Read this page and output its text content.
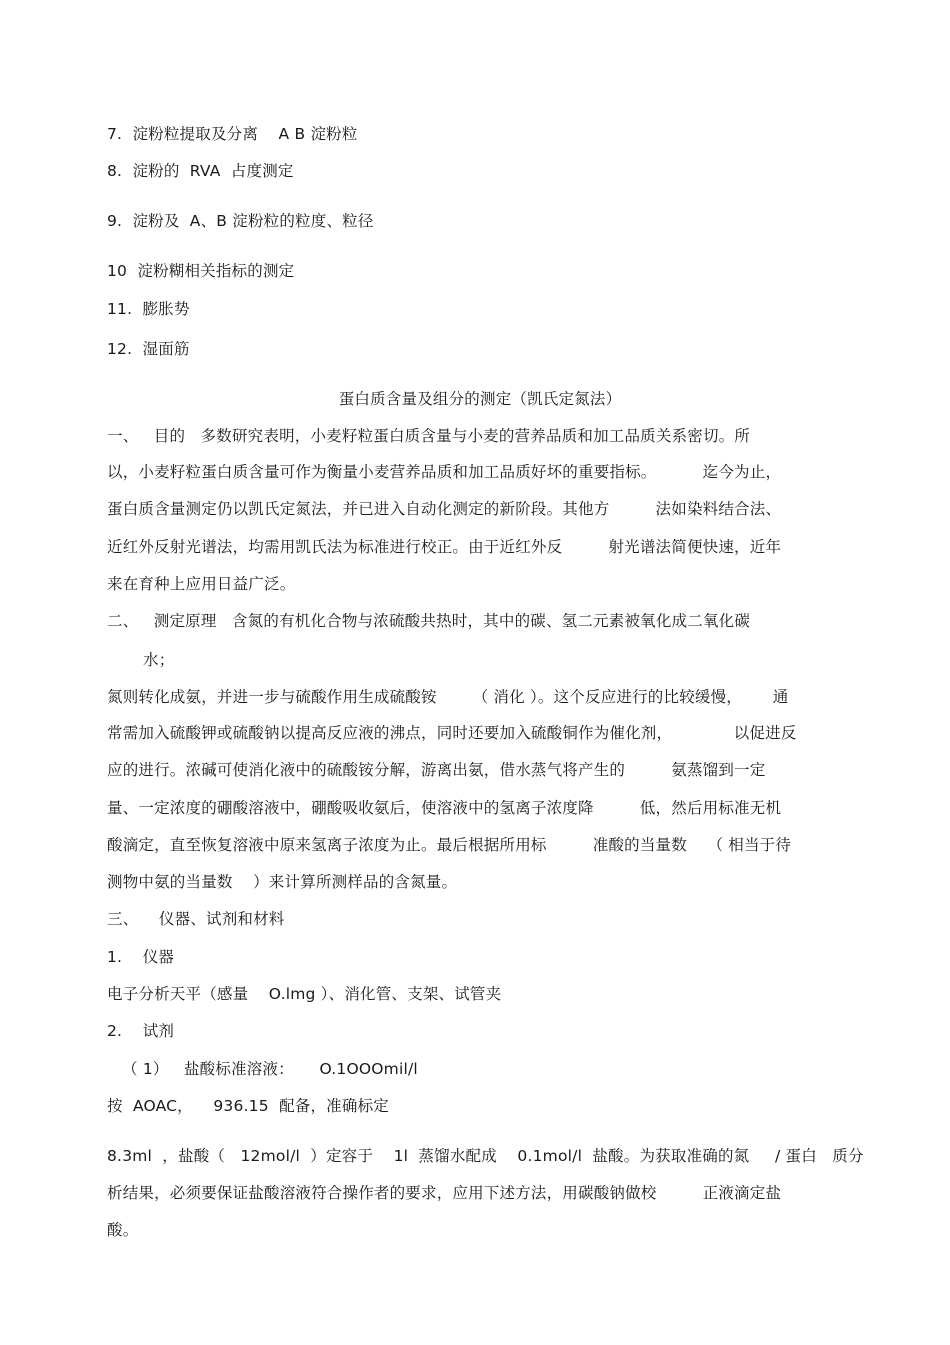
7.  淀粉粒提取及分离    A B 淀粉粒

8.  淀粉的  RVA  占度测定

9.  淀粉及  A、B 淀粉粒的粒度、粒径

10  淀粉糊相关指标的测定

11.  膨胀势

12.  湿面筋

蛋白质含量及组分的测定（凯氏定氮法）

一、   目的   多数研究表明，小麦籽粒蛋白质含量与小麦的营养品质和加工品质关系密切。所

以，小麦籽粒蛋白质含量可作为衡量小麦营养品质和加工品质好坏的重要指标。         迄今为止，

蛋白质含量测定仍以凯氏定氮法，并已进入自动化测定的新阶段。其他方         法如染料结合法、

近红外反射光谱法，均需用凯氏法为标准进行校正。由于近红外反         射光谱法简便快速，近年

来在育种上应用日益广泛。

二、   测定原理   含氮的有机化合物与浓硫酸共热时，其中的碳、氢二元素被氧化成二氧化碳

水；

氮则转化成氨，并进一步与硫酸作用生成硫酸铵       （ 消化 ）。这个反应进行的比较缓慢，      通

常需加入硫酸钾或硫酸钠以提高反应液的沸点，同时还要加入硫酸铜作为催化剂，            以促进反

应的进行。浓碱可使消化液中的硫酸铵分解，游离出氨，借水蒸气将产生的         氨蒸馏到一定

量、一定浓度的硼酸溶液中，硼酸吸收氨后，使溶液中的氢离子浓度降         低，然后用标准无机

酸滴定，直至恢复溶液中原来氢离子浓度为止。最后根据所用标         准酸的当量数    （ 相当于待

测物中氨的当量数    ）来计算所测样品的含氮量。

三、    仪器、试剂和材料

1.    仪器

电子分析天平（感量    O.lmg ）、消化管、支架、试管夹

2.    试剂

（ 1）   盐酸标准溶液：     O.1OOOmil/l

按  AOAC，    936.15  配备，准确标定

8.3ml  ，盐酸（   12mol/l  ）定容于    1l  蒸馏水配成    0.1mol/l  盐酸。为获取准确的氮     / 蛋白   质分

析结果，必须要保证盐酸溶液符合操作者的要求，应用下述方法，用碳酸钠做校         正液滴定盐

酸。
